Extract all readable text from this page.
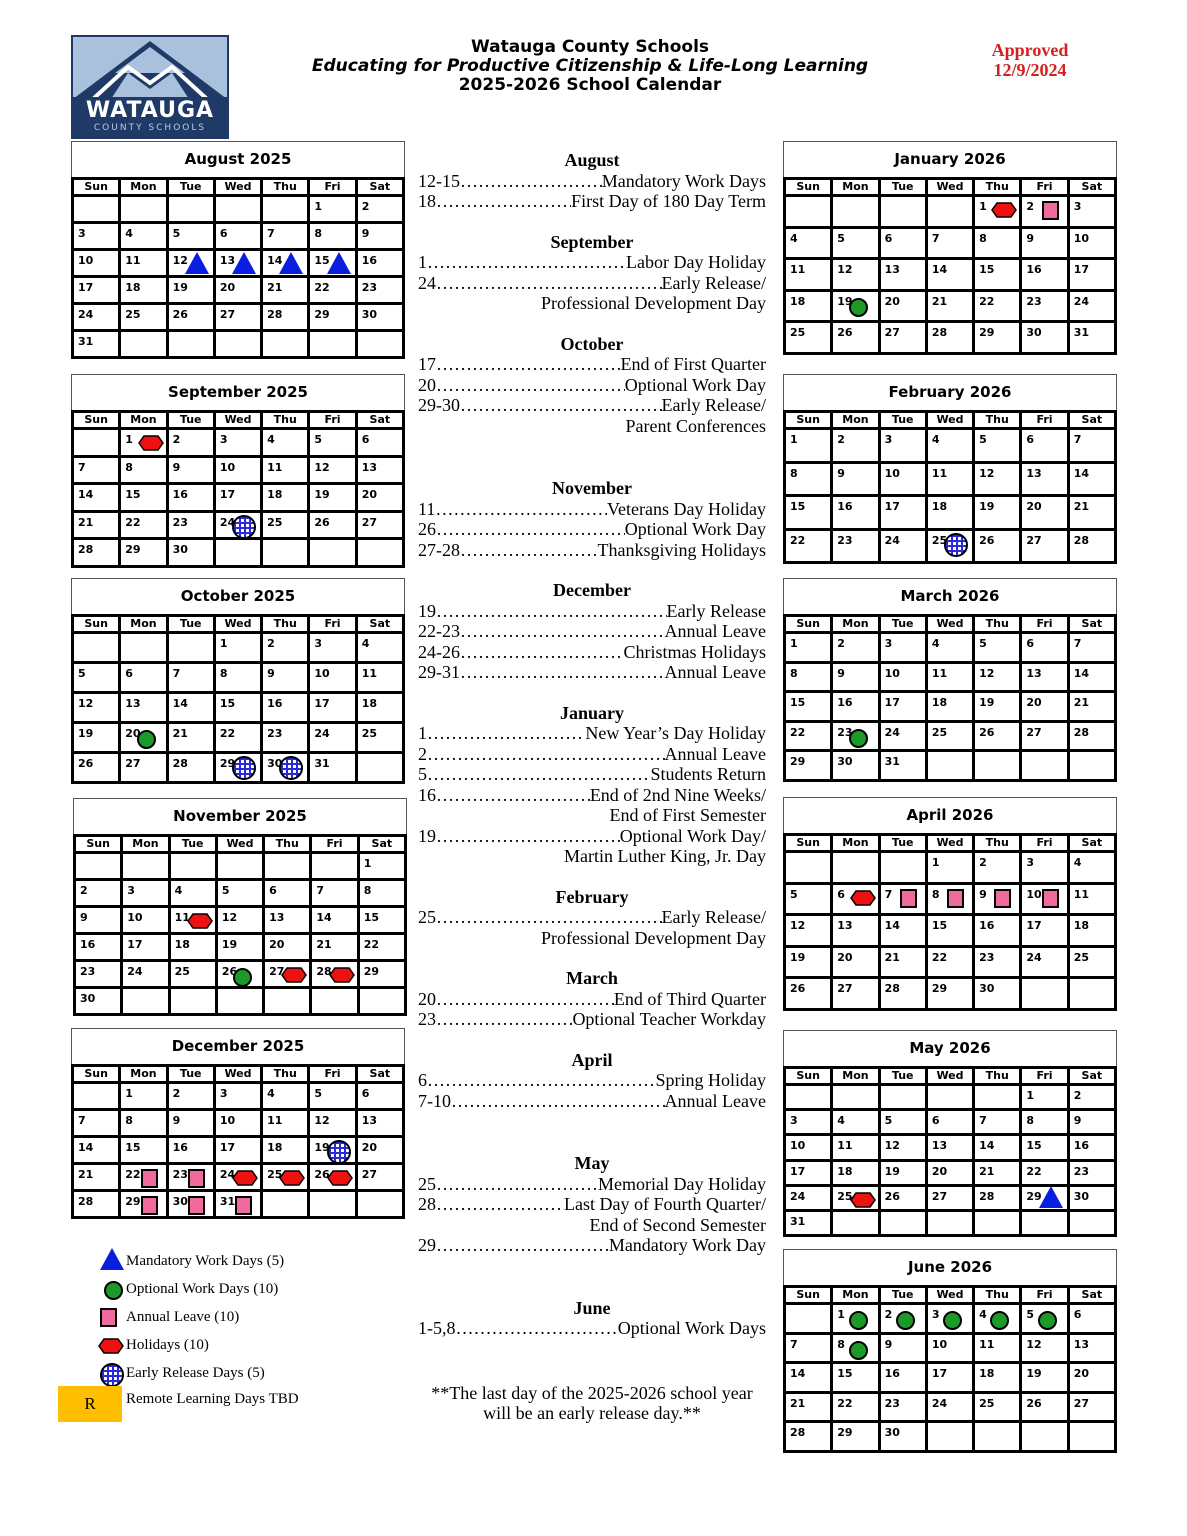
WATAUGA
COUNTY SCHOOLS
Watauga County Schools
Educating for Productive Citizenship & Life-Long Learning
2025-2026 School Calendar
Approved
12/9/2024
August 2025
Sun	Mon	Tue	Wed	Thu	Fri	Sat
					1	2
3	4	5	6	7	8	9
10	11	12	13	14	15	16
17	18	19	20	21	22	23
24	25	26	27	28	29	30
31						
September 2025
Sun	Mon	Tue	Wed	Thu	Fri	Sat
	1	2	3	4	5	6
7	8	9	10	11	12	13
14	15	16	17	18	19	20
21	22	23	24	25	26	27
28	29	30				
October 2025
Sun	Mon	Tue	Wed	Thu	Fri	Sat
			1	2	3	4
5	6	7	8	9	10	11
12	13	14	15	16	17	18
19	20	21	22	23	24	25
26	27	28	29	30	31	
November 2025
Sun	Mon	Tue	Wed	Thu	Fri	Sat
						1
2	3	4	5	6	7	8
9	10	11	12	13	14	15
16	17	18	19	20	21	22
23	24	25	26	27	28	29
30						
December 2025
Sun	Mon	Tue	Wed	Thu	Fri	Sat
	1	2	3	4	5	6
7	8	9	10	11	12	13
14	15	16	17	18	19	20
21	22	23	24	25	26	27
28	29	30	31

January 2026
Sun	Mon	Tue	Wed	Thu	Fri	Sat
				1	2	3
4	5	6	7	8	9	10
11	12	13	14	15	16	17
18	19	20	21	22	23	24
25	26	27	28	29	30	31
February 2026
Sun	Mon	Tue	Wed	Thu	Fri	Sat
1	2	3	4	5	6	7
8	9	10	11	12	13	14
15	16	17	18	19	20	21
22	23	24	25	26	27	28
March 2026
Sun	Mon	Tue	Wed	Thu	Fri	Sat
1	2	3	4	5	6	7
8	9	10	11	12	13	14
15	16	17	18	19	20	21
22	23	24	25	26	27	28
29	30	31				
April 2026
Sun	Mon	Tue	Wed	Thu	Fri	Sat
			1	2	3	4
5	6	7	8	9	10	11
12	13	14	15	16	17	18
19	20	21	22	23	24	25
26	27	28	29	30		
May 2026
Sun	Mon	Tue	Wed	Thu	Fri	Sat
					1	2
3	4	5	6	7	8	9
10	11	12	13	14	15	16
17	18	19	20	21	22	23
24	25	26	27	28	29	30
31						
June 2026
Sun	Mon	Tue	Wed	Thu	Fri	Sat
	1	2	3	4	5	6
7	8	9	10	11	12	13
14	15	16	17	18	19	20
21	22	23	24	25	26	27
28	29	30				
August
12-15 ……………………………………………………………………………………	Mandatory Work Days
18 ……………………………………………………………………………………	First Day of 180 Day Term
September
1 ……………………………………………………………………………………	Labor Day Holiday
24 ……………………………………………………………………………………	Early Release/
Professional Development Day
October
17 ……………………………………………………………………………………	End of First Quarter
20 ……………………………………………………………………………………	Optional Work Day
29-30 ……………………………………………………………………………………	Early Release/
Parent Conferences
November
11 ……………………………………………………………………………………	Veterans Day Holiday
26 ……………………………………………………………………………………	Optional Work Day
27-28 ……………………………………………………………………………………	Thanksgiving Holidays
December
19 ……………………………………………………………………………………	Early Release
22-23 ……………………………………………………………………………………	Annual Leave
24-26 ……………………………………………………………………………………	Christmas Holidays
29-31 ……………………………………………………………………………………	Annual Leave
January
1 ……………………………………………………………………………………	New Year’s Day Holiday
2 ……………………………………………………………………………………	Annual Leave
5 ……………………………………………………………………………………	Students Return
16 ……………………………………………………………………………………	End of 2nd Nine Weeks/
End of First Semester
19 ……………………………………………………………………………………	Optional Work Day/
Martin Luther King, Jr. Day
February
25 ……………………………………………………………………………………	Early Release/
Professional Development Day
March
20 ……………………………………………………………………………………	End of Third Quarter
23 ……………………………………………………………………………………	Optional Teacher Workday
April
6 ……………………………………………………………………………………	Spring Holiday
7-10 ……………………………………………………………………………………	Annual Leave
May
25 ……………………………………………………………………………………	Memorial Day Holiday
28 ……………………………………………………………………………………	Last Day of Fourth Quarter/
End of Second Semester
29 ……………………………………………………………………………………	Mandatory Work Day
June
1-5,8 ……………………………………………………………………………………	Optional Work Days
**The last day of the 2025-2026 school year
will be an early release day.**
Mandatory Work Days (5)
Optional Work Days (10)
Annual Leave (10)
Holidays (10)
Early Release Days (5)
R	Remote Learning Days TBD
